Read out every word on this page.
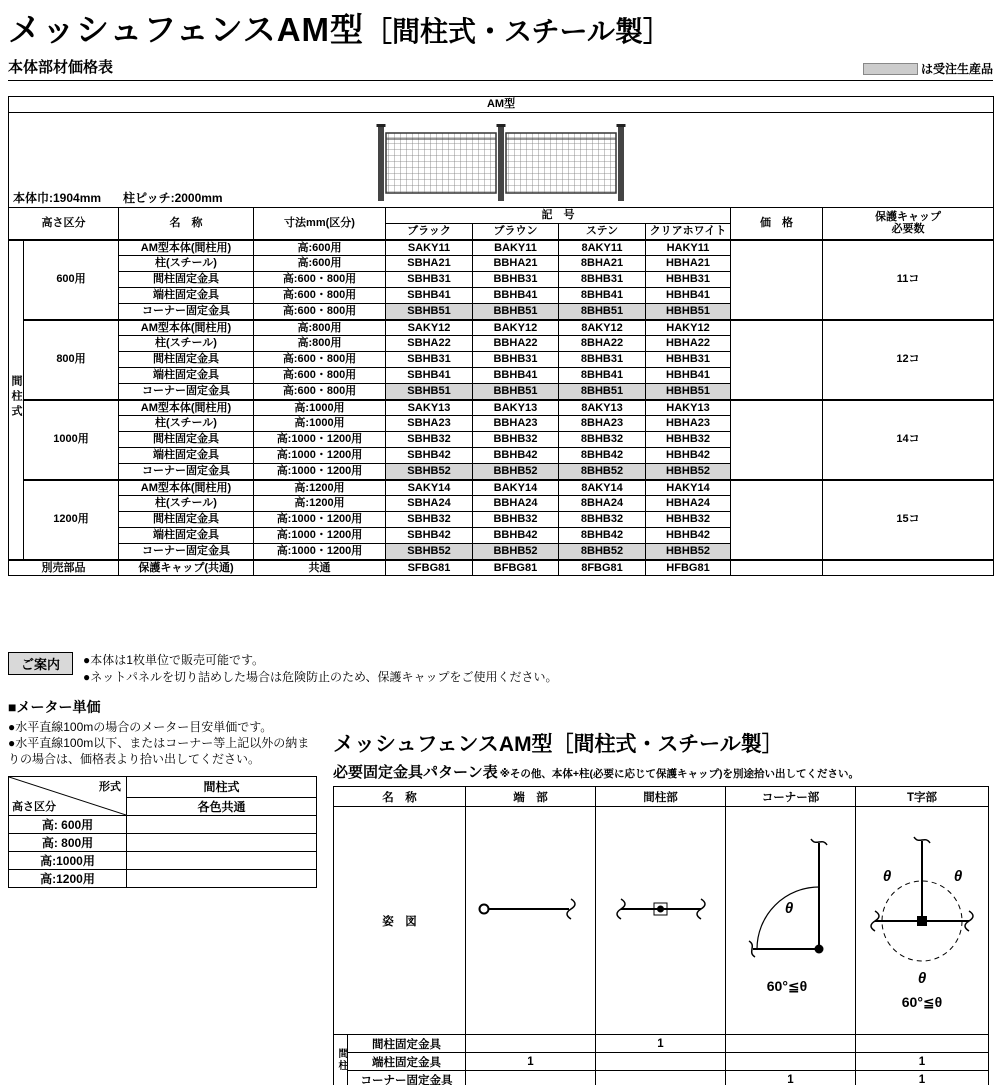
メッシュフェンスAM型［間柱式・スチール製］
本体部材価格表	は受注生産品
AM型									

本体巾:1904mm 柱ピッチ:2000mm									

高さ区分		名　称	寸法mm(区分)	記　号				価　格	保護キャップ
必要数

				ブラック	ブラウン	ステン	クリアホワイト		
間柱式	600用	AM型本体(間柱用)	高:600用	SAKY11	BAKY11	8AKY11	HAKY11		11コ
		柱(スチール)	高:600用	SBHA21	BBHA21	8BHA21	HBHA21		
		間柱固定金具	高:600・800用	SBHB31	BBHB31	8BHB31	HBHB31		
		端柱固定金具	高:600・800用	SBHB41	BBHB41	8BHB41	HBHB41		
		コーナー固定金具	高:600・800用	SBHB51	BBHB51	8BHB51	HBHB51		
	800用	AM型本体(間柱用)	高:800用	SAKY12	BAKY12	8AKY12	HAKY12		12コ
		柱(スチール)	高:800用	SBHA22	BBHA22	8BHA22	HBHA22		
		間柱固定金具	高:600・800用	SBHB31	BBHB31	8BHB31	HBHB31		
		端柱固定金具	高:600・800用	SBHB41	BBHB41	8BHB41	HBHB41		
		コーナー固定金具	高:600・800用	SBHB51	BBHB51	8BHB51	HBHB51		
	1000用	AM型本体(間柱用)	高:1000用	SAKY13	BAKY13	8AKY13	HAKY13		14コ
		柱(スチール)	高:1000用	SBHA23	BBHA23	8BHA23	HBHA23		
		間柱固定金具	高:1000・1200用	SBHB32	BBHB32	8BHB32	HBHB32		
		端柱固定金具	高:1000・1200用	SBHB42	BBHB42	8BHB42	HBHB42		
		コーナー固定金具	高:1000・1200用	SBHB52	BBHB52	8BHB52	HBHB52		
	1200用	AM型本体(間柱用)	高:1200用	SAKY14	BAKY14	8AKY14	HAKY14		15コ
		柱(スチール)	高:1200用	SBHA24	BBHA24	8BHA24	HBHA24		
		間柱固定金具	高:1000・1200用	SBHB32	BBHB32	8BHB32	HBHB32		
		端柱固定金具	高:1000・1200用	SBHB42	BBHB42	8BHB42	HBHB42		
		コーナー固定金具	高:1000・1200用	SBHB52	BBHB52	8BHB52	HBHB52		
別売部品		保護キャップ(共通)	共通	SFBG81	BFBG81	8FBG81	HFBG81		
ご案内	●本体は1枚単位で販売可能です。
●ネットパネルを切り詰めした場合は危険防止のため、保護キャップをご使用ください。
■メーター単価
●水平直線100mの場合のメーター目安単価です。
●水平直線100m以下、またはコーナー等上記以外の納まりの場合は、価格表より拾い出してください。
形式
高さ区分	間柱式
	各色共通
高: 600用	
高: 800用	
高:1000用	
高:1200用	
メッシュフェンスAM型［間柱式・スチール製］
必要固定金具パターン表 ※その他、本体+柱(必要に応じて保護キャップ)を別途拾い出してください。
名　称		端　部	間柱部	コーナー部	T字部
姿　図				θ
60°≦θ	θ θ
θ
60°≦θ

間柱	間柱固定金具		1		
	端柱固定金具	1			1
	コーナー固定金具			1	1
